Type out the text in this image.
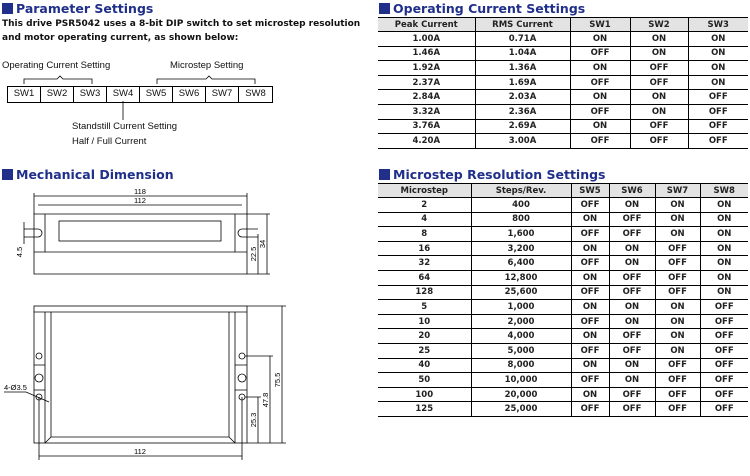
Parameter Settings
This drive PSR5042 uses a 8-bit DIP switch to set microstep resolution
and motor operating current, as shown below:
Operating Current Setting	Microstep Setting
SW1	SW2	SW3	SW4	SW5	SW6	SW7	SW8
Standstill Current Setting
Half / Full Current
Mechanical Dimension
118
112
4.5	22.5
34
4-Ø3.5
112
25.3
47.8
75.5
Operating Current Settings
Peak Current	RMS Current	SW1	SW2	SW3
1.00A	0.71A	ON	ON	ON
1.46A	1.04A	OFF	ON	ON
1.92A	1.36A	ON	OFF	ON
2.37A	1.69A	OFF	OFF	ON
2.84A	2.03A	ON	ON	OFF
3.32A	2.36A	OFF	ON	OFF
3.76A	2.69A	ON	OFF	OFF
4.20A	3.00A	OFF	OFF	OFF
Microstep Resolution Settings
Microstep	Steps/Rev.	SW5	SW6	SW7	SW8
2	400	OFF	ON	ON	ON
4	800	ON	OFF	ON	ON
8	1,600	OFF	OFF	ON	ON
16	3,200	ON	ON	OFF	ON
32	6,400	OFF	ON	OFF	ON
64	12,800	ON	OFF	OFF	ON
128	25,600	OFF	OFF	OFF	ON
5	1,000	ON	ON	ON	OFF
10	2,000	OFF	ON	ON	OFF
20	4,000	ON	OFF	ON	OFF
25	5,000	OFF	OFF	ON	OFF
40	8,000	ON	ON	OFF	OFF
50	10,000	OFF	ON	OFF	OFF
100	20,000	ON	OFF	OFF	OFF
125	25,000	OFF	OFF	OFF	OFF
